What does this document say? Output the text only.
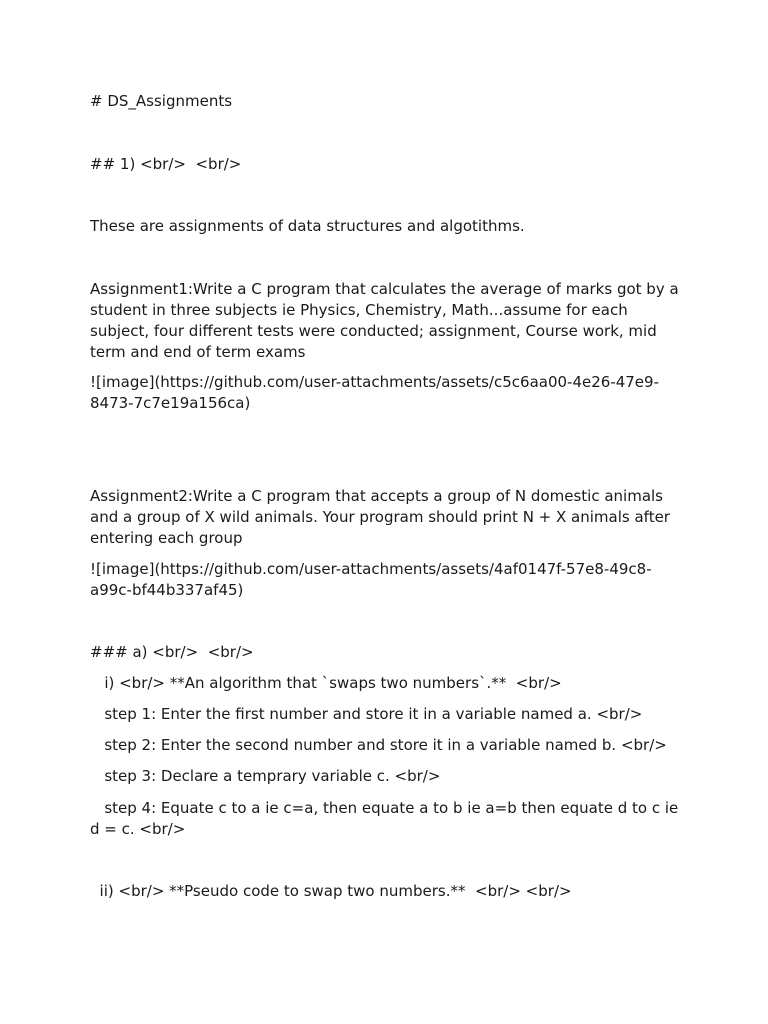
# DS_Assignments

## 1) <br/>  <br/>

These are assignments of data structures and algotithms.

Assignment1:Write a C program that calculates the average of marks got by a student in three subjects ie Physics, Chemistry, Math...assume for each subject, four different tests were conducted; assignment, Course work, mid term and end of term exams

![image](https://github.com/user-attachments/assets/c5c6aa00-4e26-47e9-8473-7c7e19a156ca)

Assignment2:Write a C program that accepts a group of N domestic animals and a group of X wild animals. Your program should print N + X animals after entering each group

![image](https://github.com/user-attachments/assets/4af0147f-57e8-49c8-a99c-bf44b337af45)

### a) <br/>  <br/>

i) <br/> **An algorithm that `swaps two numbers`.**  <br/>

step 1: Enter the first number and store it in a variable named a. <br/>

step 2: Enter the second number and store it in a variable named b. <br/>

step 3: Declare a temprary variable c. <br/>

step 4: Equate c to a ie c=a, then equate a to b ie a=b then equate d to c ie d = c. <br/>

ii) <br/> **Pseudo code to swap two numbers.**  <br/> <br/>
